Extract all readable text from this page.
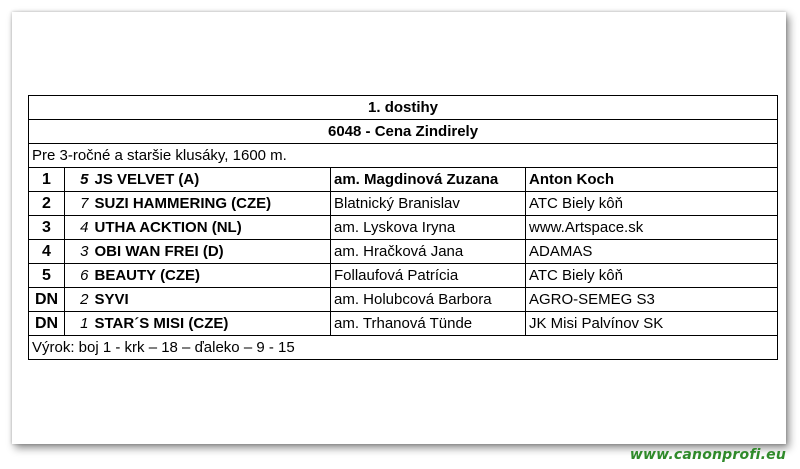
1. dostihy				
6048 - Cena Zindirely				
Pre 3-ročné a staršie klusáky, 1600 m.				
1	5	JS VELVET (A)	am. Magdinová Zuzana	Anton Koch
2	7	SUZI HAMMERING (CZE)	Blatnický Branislav	ATC Biely kôň
3	4	UTHA ACKTION (NL)	am. Lyskova Iryna	www.Artspace.sk
4	3	OBI WAN FREI (D)	am. Hračková Jana	ADAMAS
5	6	BEAUTY (CZE)	Follaufová Patrícia	ATC Biely kôň
DN	2	SYVI	am. Holubcová Barbora	AGRO-SEMEG S3
DN	1	STAR´S MISI (CZE)	am. Trhanová Tünde	JK Misi Palvínov SK
Výrok: boj 1 - krk – 18 – ďaleko – 9 - 15				
www.canonprofi.eu
